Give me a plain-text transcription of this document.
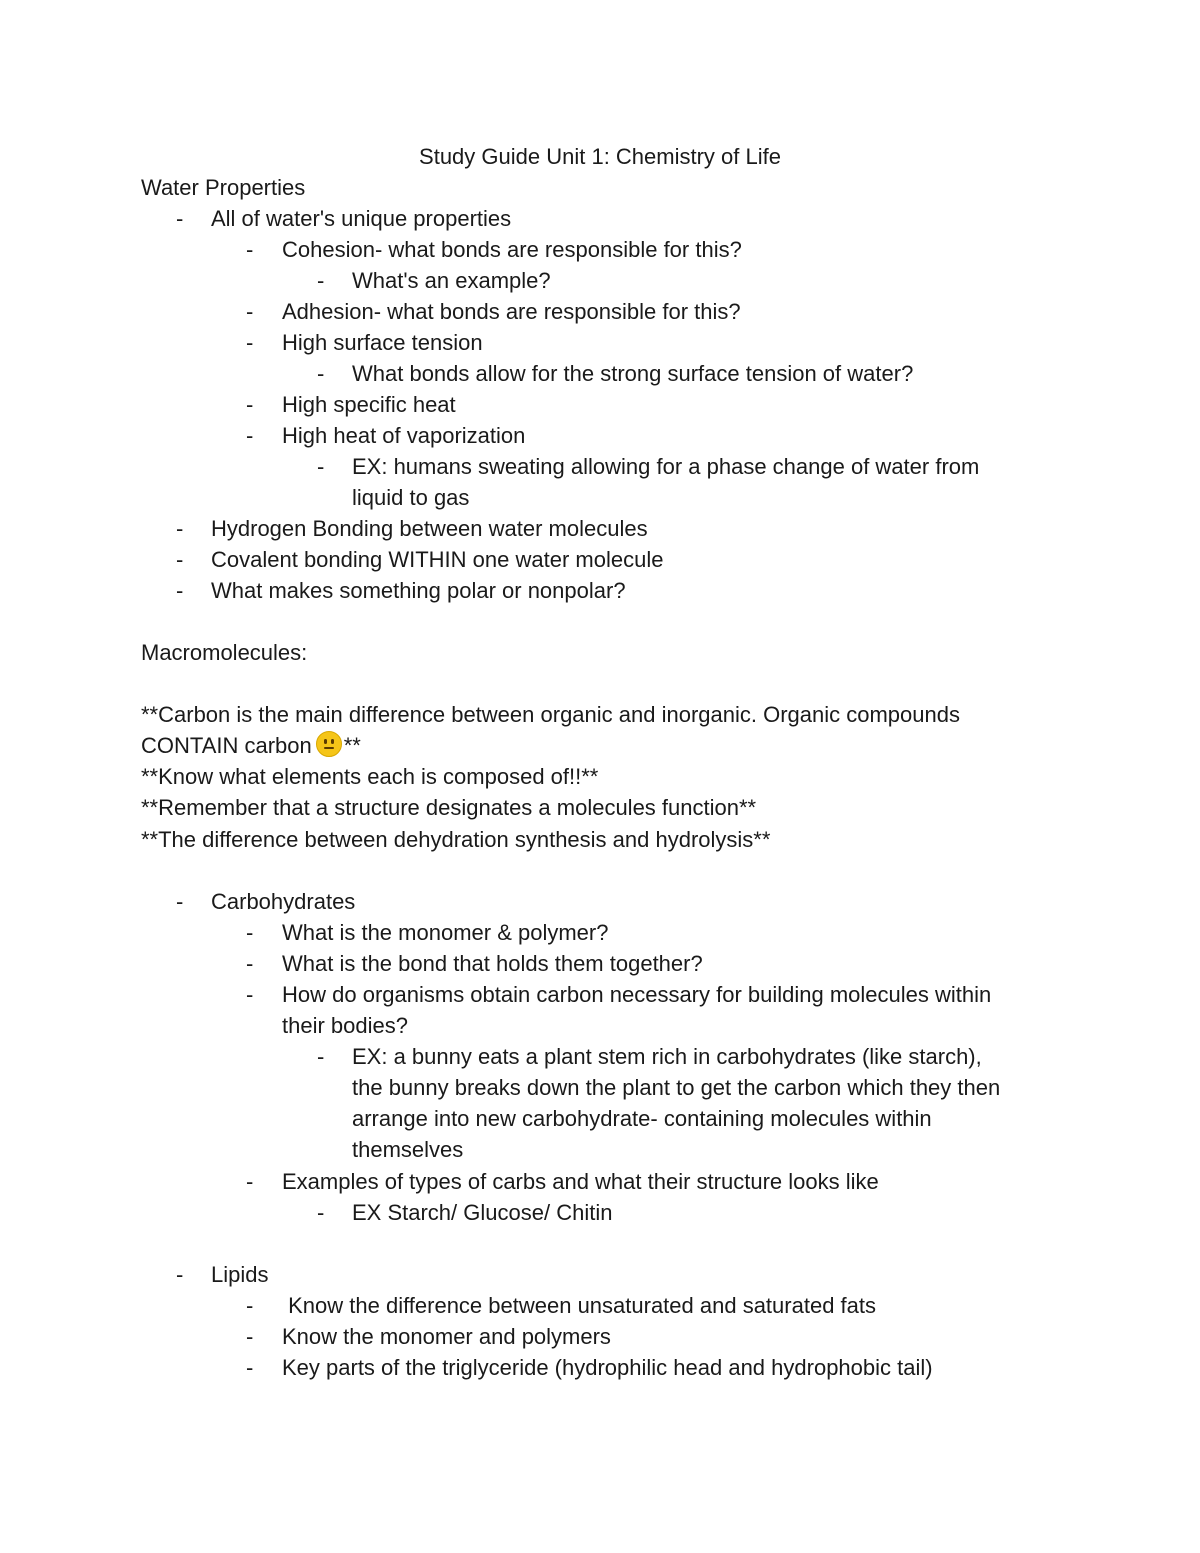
Study Guide Unit 1: Chemistry of Life
Water Properties
- All of water's unique properties
- Cohesion- what bonds are responsible for this?
- What's an example?
- Adhesion- what bonds are responsible for this?
- High surface tension
- What bonds allow for the strong surface tension of water?
- High specific heat
- High heat of vaporization
- EX: humans sweating allowing for a phase change of water from
liquid to gas
- Hydrogen Bonding between water molecules
- Covalent bonding WITHIN one water molecule
- What makes something polar or nonpolar?
Macromolecules:
**Carbon is the main difference between organic and inorganic. Organic compounds
CONTAIN carbon **
**Know what elements each is composed of!!**
**Remember that a structure designates a molecules function**
**The difference between dehydration synthesis and hydrolysis**
- Carbohydrates
- What is the monomer & polymer?
- What is the bond that holds them together?
- How do organisms obtain carbon necessary for building molecules within
their bodies?
- EX: a bunny eats a plant stem rich in carbohydrates (like starch),
the bunny breaks down the plant to get the carbon which they then
arrange into new carbohydrate- containing molecules within
themselves
- Examples of types of carbs and what their structure looks like
- EX Starch/ Glucose/ Chitin
- Lipids
- Know the difference between unsaturated and saturated fats
- Know the monomer and polymers
- Key parts of the triglyceride (hydrophilic head and hydrophobic tail)
